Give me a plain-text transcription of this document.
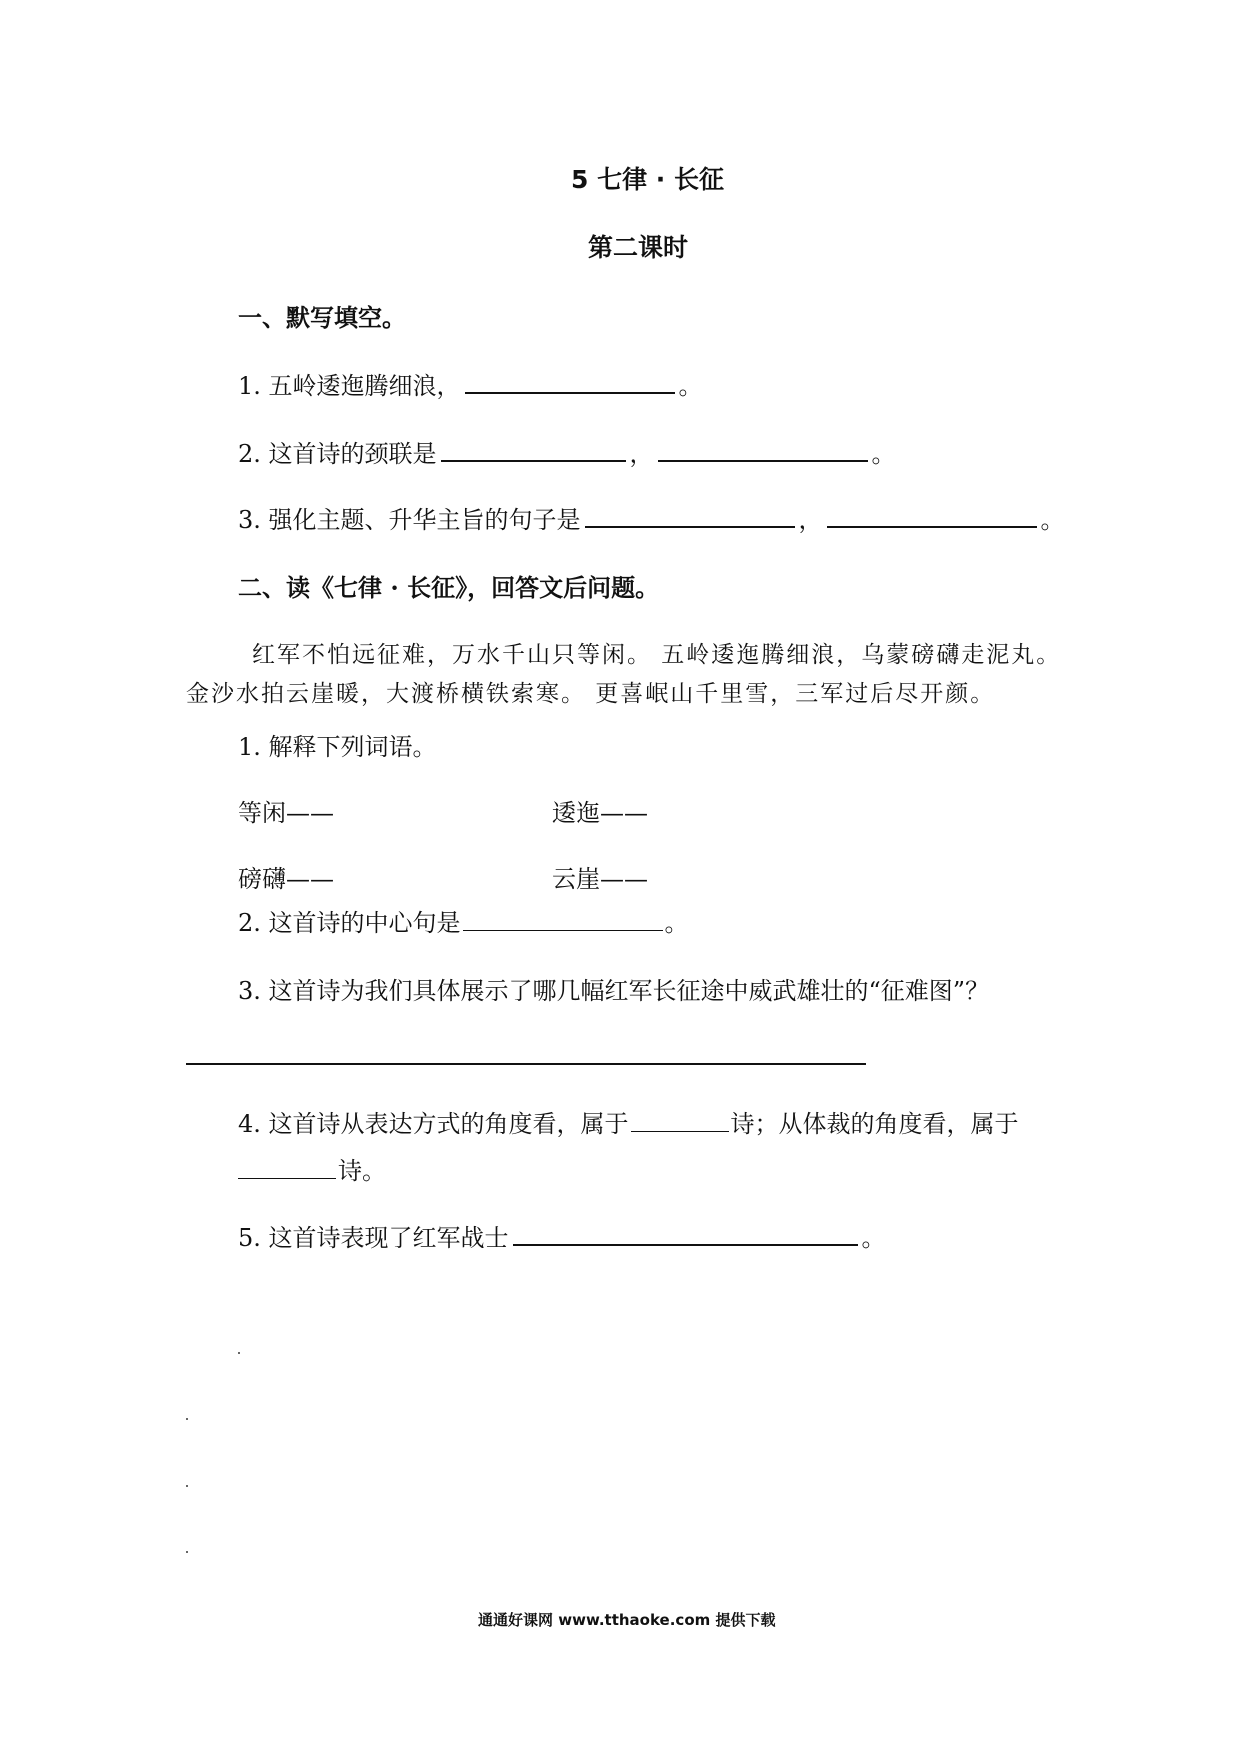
5 七律 · 长征
第二课时
一、默写填空。
1. 五岭逶迤腾细浪，	。
2. 这首诗的颈联是	，	。
3. 强化主题、升华主旨的句子是	，	。
二、读《七律 · 长征》，回答文后问题。
红军不怕远征难，万水千山只等闲。 五岭逶迤腾细浪，乌蒙磅礴走泥丸。
金沙水拍云崖暖，大渡桥横铁索寒。 更喜岷山千里雪，三军过后尽开颜。
1. 解释下列词语。
等闲——	逶迤——
磅礴——	云崖——
2. 这首诗的中心句是	。
3. 这首诗为我们具体展示了哪几幅红军长征途中威武雄壮的“征难图”？
4. 这首诗从表达方式的角度看，属于	诗；从体裁的角度看，属于
诗。
5. 这首诗表现了红军战士	。
通通好课网 www.tthaoke.com 提供下载
